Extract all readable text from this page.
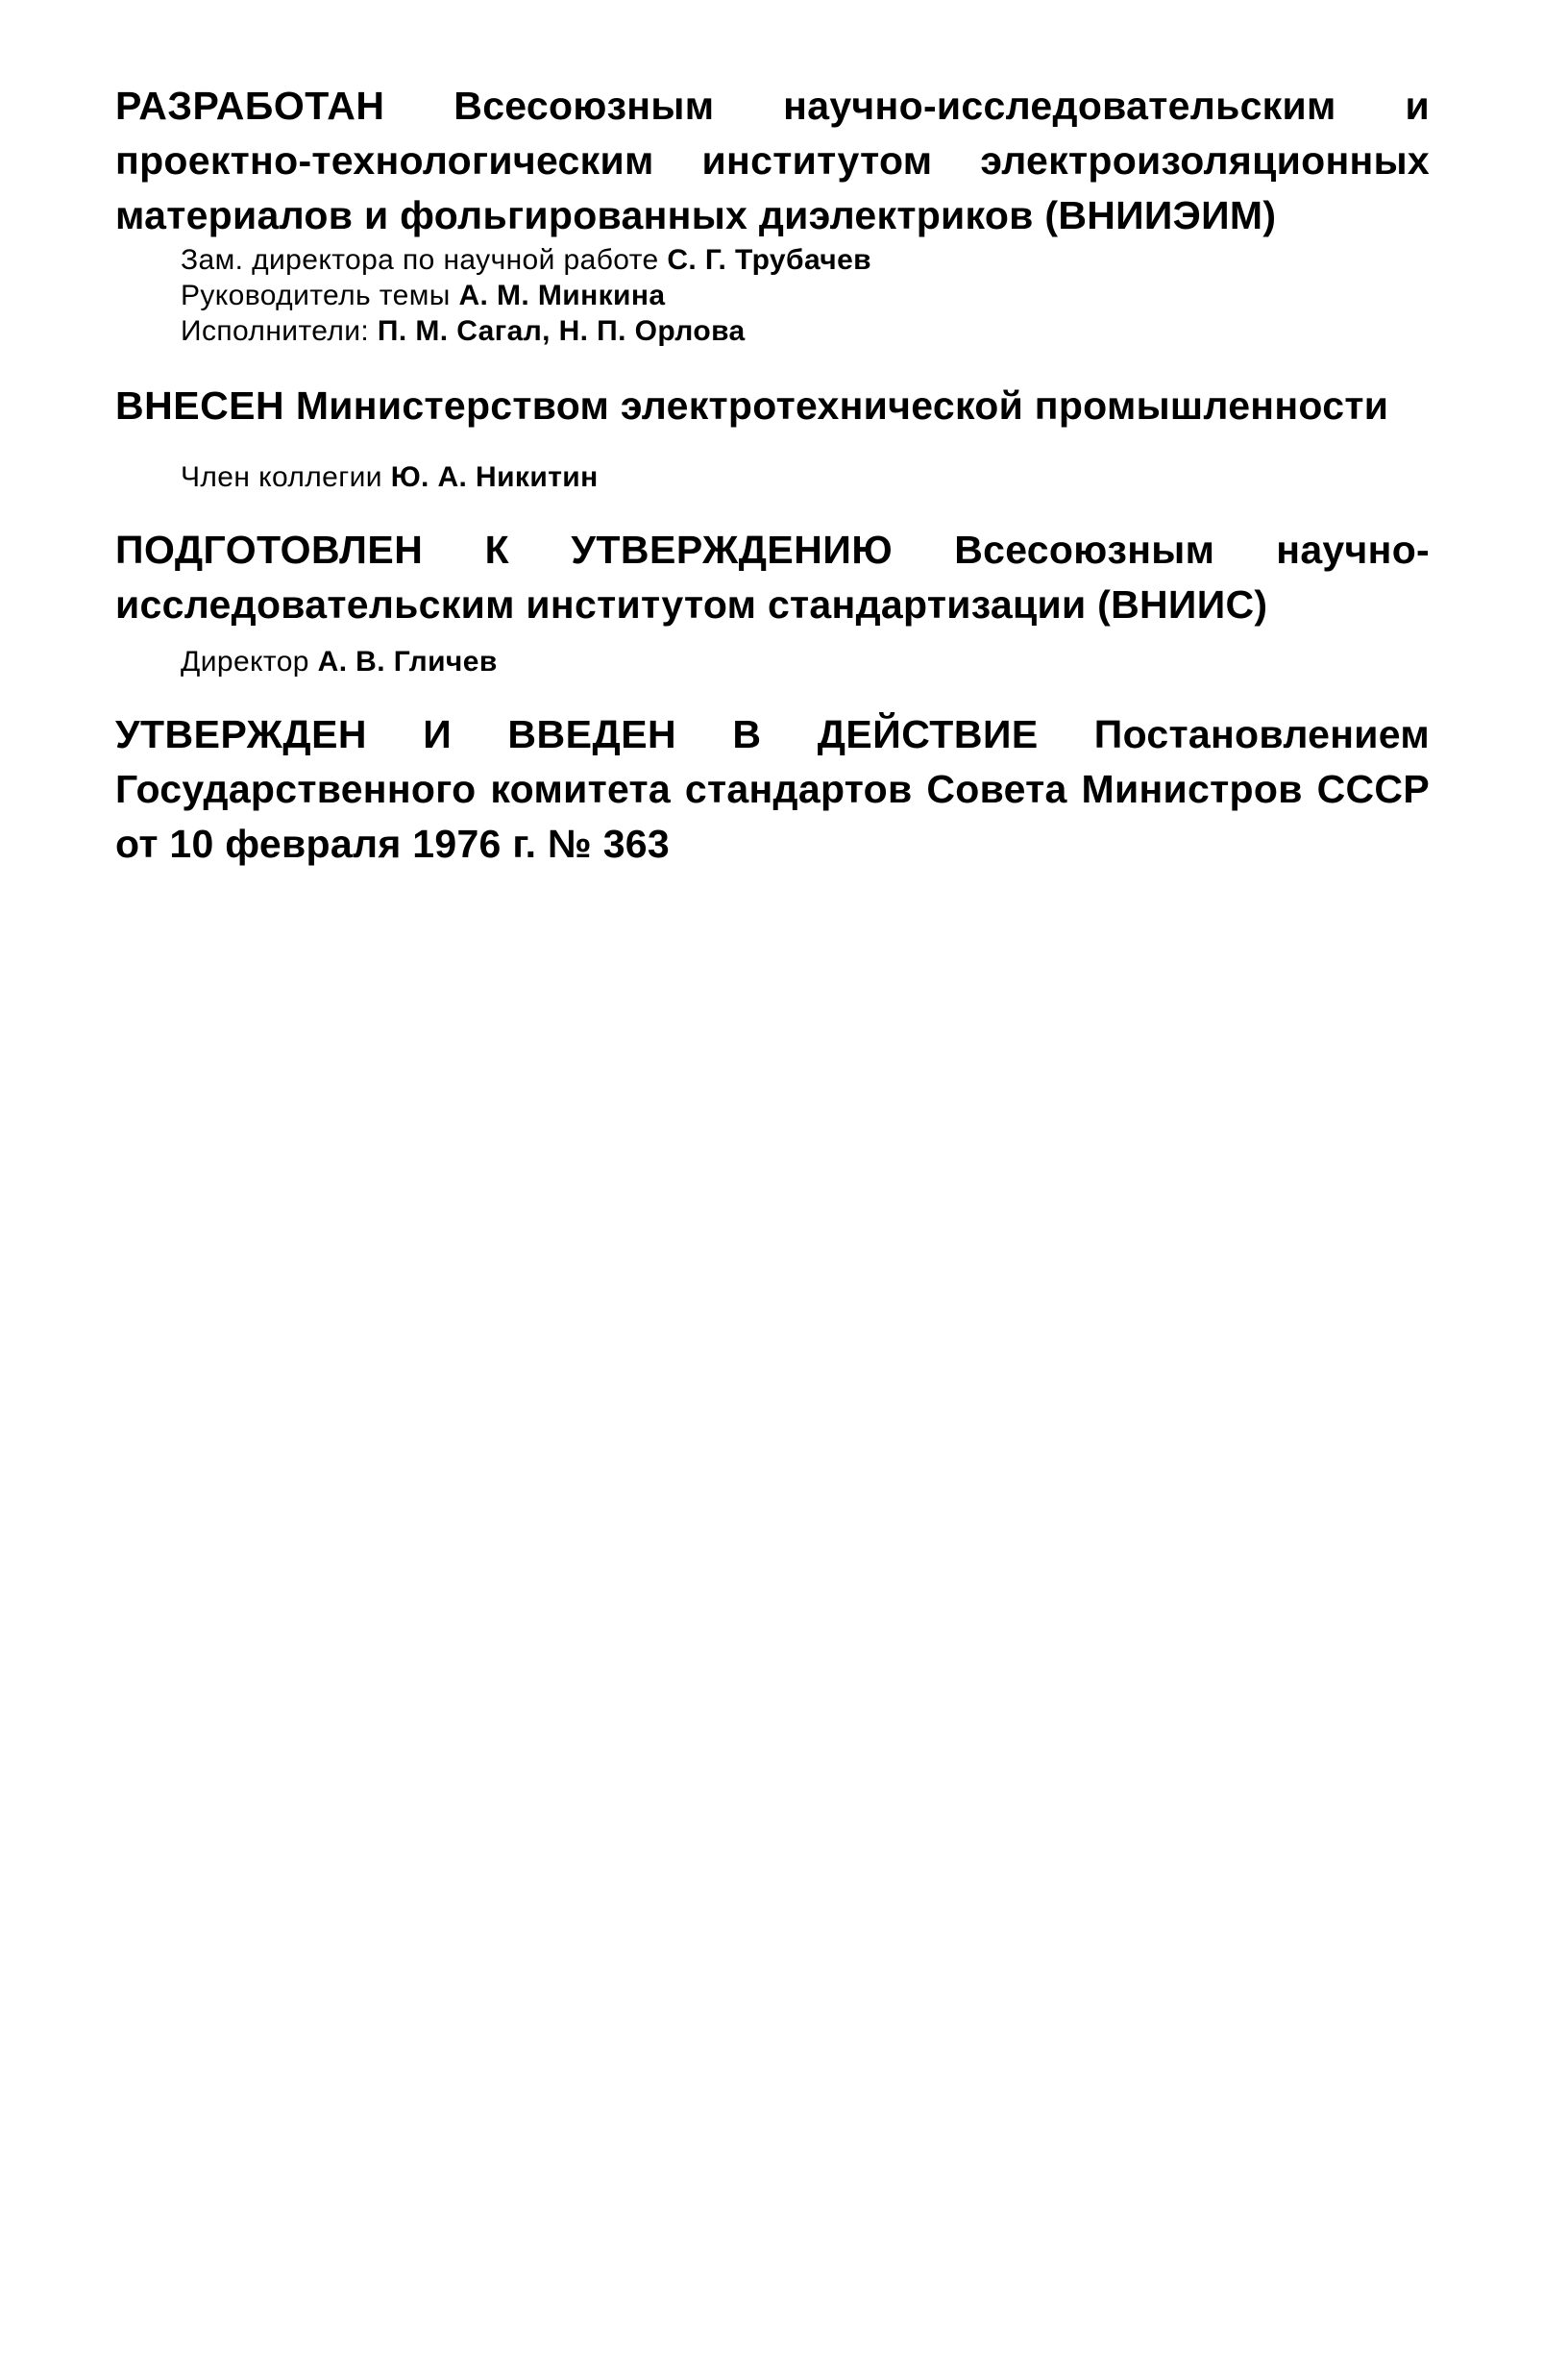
РАЗРАБОТАН Всесоюзным научно-исследовательским и проектно-технологическим институтом электроизоляционных материалов и фольгированных диэлектриков (ВНИИЭИМ)
Зам. директора по научной работе С. Г. Трубачев
Руководитель темы А. М. Минкина
Исполнители: П. М. Сагал, Н. П. Орлова
ВНЕСЕН Министерством электротехнической промышленности
Член коллегии Ю. А. Никитин
ПОДГОТОВЛЕН К УТВЕРЖДЕНИЮ Всесоюзным научно-исследовательским институтом стандартизации (ВНИИС)
Директор А. В. Гличев
УТВЕРЖДЕН И ВВЕДЕН В ДЕЙСТВИЕ Постановлением Государственного комитета стандартов Совета Министров СССР от 10 февраля 1976 г. № 363
